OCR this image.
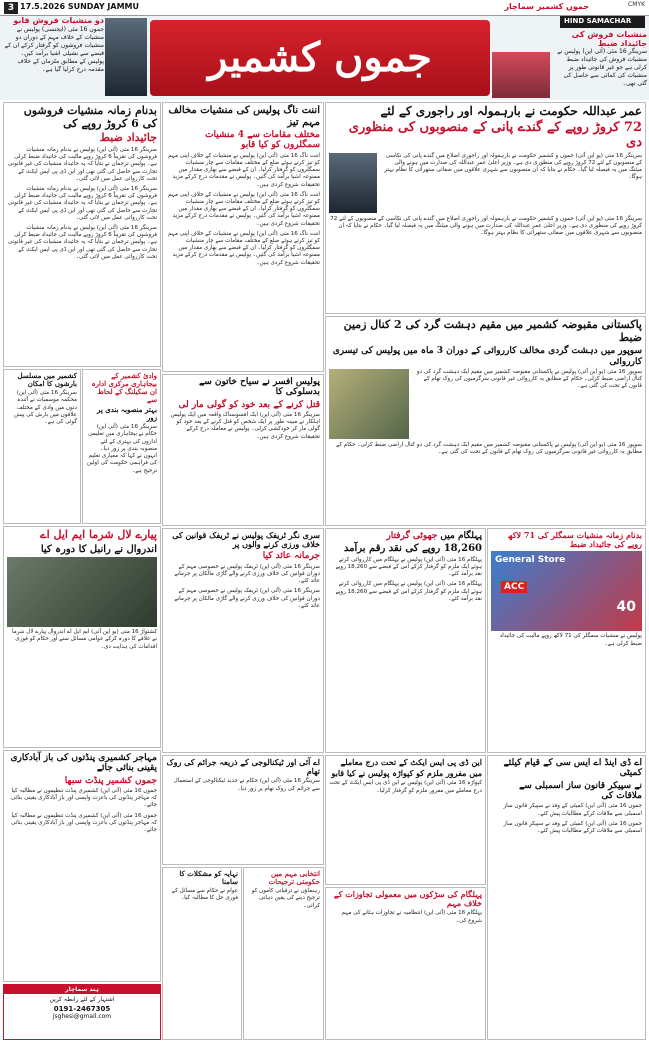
3 17.5.2026 SUNDAY JAMMU	جموں کشمیر سماچار	CMYK
HIND SAMACHAR
دو منشیات فروش قابو

جموں 16 مئی (ایجنسی) پولیس نے منشیات کے خلاف مہم کے دوران دو منشیات فروشوں کو گرفتار کرکے ان کے قبضے سے نشیلی اشیا برآمد کیں۔ پولیس کے مطابق ملزمان کے خلاف مقدمہ درج کرلیا گیا ہے۔	جموں کشمیر	منشیات فروش کی جائیداد ضبط

سرینگر 16 مئی (آئی این) پولیس نے منشیات فروش کی جائیداد ضبط کرلی ہے جو غیر قانونی طور پر منشیات کی کمائی سے حاصل کی گئی تھی۔

عمر عبداللہ حکومت نے بارہمولہ اور راجوری کے لئے
72 کروڑ روپے کے گندے پانی کے منصوبوں کی منظوری دی
سرینگر 16 مئی (یو این آئی) جموں و کشمیر حکومت نے بارہمولہ اور راجوری اضلاع میں گندے پانی کی نکاسی کے منصوبوں کے لئے 72 کروڑ روپے کی منظوری دی ہے۔ وزیر اعلیٰ عمر عبداللہ کی صدارت میں ہونے والی میٹنگ میں یہ فیصلہ لیا گیا۔ حکام نے بتایا کہ ان منصوبوں سے شہری علاقوں میں صفائی ستھرائی کا نظام بہتر ہوگا۔
سرینگر 16 مئی (یو این آئی) جموں و کشمیر حکومت نے بارہمولہ اور راجوری اضلاع میں گندے پانی کی نکاسی کے منصوبوں کے لئے 72 کروڑ روپے کی منظوری دی ہے۔ وزیر اعلیٰ عمر عبداللہ کی صدارت میں ہونے والی میٹنگ میں یہ فیصلہ لیا گیا۔ حکام نے بتایا کہ ان منصوبوں سے شہری علاقوں میں صفائی ستھرائی کا نظام بہتر ہوگا۔
اننت ناگ پولیس کی منشیات مخالف مہم تیز
مختلف مقامات سے 4 منشیات سمگلروں کو کیا قابو
اننت ناگ 16 مئی (آئی این) پولیس نے منشیات کے خلاف اپنی مہم کو تیز کرتے ہوئے ضلع کے مختلف مقامات سے چار منشیات سمگلروں کو گرفتار کرلیا۔ ان کے قبضے سے بھاری مقدار میں ممنوعہ اشیا برآمد کی گئیں۔ پولیس نے مقدمات درج کرکے مزید تحقیقات شروع کردی ہیں۔
اننت ناگ 16 مئی (آئی این) پولیس نے منشیات کے خلاف اپنی مہم کو تیز کرتے ہوئے ضلع کے مختلف مقامات سے چار منشیات سمگلروں کو گرفتار کرلیا۔ ان کے قبضے سے بھاری مقدار میں ممنوعہ اشیا برآمد کی گئیں۔ پولیس نے مقدمات درج کرکے مزید تحقیقات شروع کردی ہیں۔
اننت ناگ 16 مئی (آئی این) پولیس نے منشیات کے خلاف اپنی مہم کو تیز کرتے ہوئے ضلع کے مختلف مقامات سے چار منشیات سمگلروں کو گرفتار کرلیا۔ ان کے قبضے سے بھاری مقدار میں ممنوعہ اشیا برآمد کی گئیں۔ پولیس نے مقدمات درج کرکے مزید تحقیقات شروع کردی ہیں۔
بدنام زمانہ منشیات فروشوں کی 6 کروڑ روپے کی
جائیداد ضبط
سرینگر 16 مئی (آئی این) پولیس نے بدنام زمانہ منشیات فروشوں کی تقریباً 6 کروڑ روپے مالیت کی جائیداد ضبط کرلی ہے۔ پولیس ترجمان نے بتایا کہ یہ جائیداد منشیات کی غیر قانونی تجارت سے حاصل کی گئی تھی اور این ڈی پی ایس ایکٹ کے تحت کارروائی عمل میں لائی گئی۔
سرینگر 16 مئی (آئی این) پولیس نے بدنام زمانہ منشیات فروشوں کی تقریباً 6 کروڑ روپے مالیت کی جائیداد ضبط کرلی ہے۔ پولیس ترجمان نے بتایا کہ یہ جائیداد منشیات کی غیر قانونی تجارت سے حاصل کی گئی تھی اور این ڈی پی ایس ایکٹ کے تحت کارروائی عمل میں لائی گئی۔
سرینگر 16 مئی (آئی این) پولیس نے بدنام زمانہ منشیات فروشوں کی تقریباً 6 کروڑ روپے مالیت کی جائیداد ضبط کرلی ہے۔ پولیس ترجمان نے بتایا کہ یہ جائیداد منشیات کی غیر قانونی تجارت سے حاصل کی گئی تھی اور این ڈی پی ایس ایکٹ کے تحت کارروائی عمل میں لائی گئی۔
پاکستانی مقبوضہ کشمیر میں مقیم دہشت گرد کی 2 کنال زمین ضبط
سوپور میں دہشت گردی مخالف کارروائی کے دوران 3 ماہ میں پولیس کی تیسری کارروائی
سوپور 16 مئی (یو این آئی) پولیس نے پاکستانی مقبوضہ کشمیر میں مقیم ایک دہشت گرد کی دو کنال اراضی ضبط کرلی۔ حکام کے مطابق یہ کارروائی غیر قانونی سرگرمیوں کی روک تھام کے قانون کے تحت کی گئی ہے۔
سوپور 16 مئی (یو این آئی) پولیس نے پاکستانی مقبوضہ کشمیر میں مقیم ایک دہشت گرد کی دو کنال اراضی ضبط کرلی۔ حکام کے مطابق یہ کارروائی غیر قانونی سرگرمیوں کی روک تھام کے قانون کے تحت کی گئی ہے۔
پولیس افسر نے سیاح خاتون سے بدسلوکی کا
قتل کرنے کے بعد خود کو گولی مار لی
سرینگر 16 مئی (آئی این) ایک افسوسناک واقعہ میں ایک پولیس اہلکار نے مبینہ طور پر ایک شخص کو قتل کرنے کے بعد خود کو گولی مار کر خودکشی کرلی۔ پولیس نے معاملہ درج کرکے تحقیقات شروع کردی ہیں۔
کشمیر میں مسلسل بارشوں کا امکان
سرینگر 16 مئی (آئی این) محکمہ موسمیات نے آئندہ دنوں میں وادی کے مختلف علاقوں میں بارش کی پیش گوئی کی ہے۔
وادیٔ کشمیر کے بیجاہاری مرکزی ادارہ ان سکیلنگ کے لحاظ سے
بہتر منصوبہ بندی پر زور
سرینگر 16 مئی (آئی این) حکام نے بیجاہاری میں تعلیمی اداروں کی بہتری کے لئے منصوبہ بندی پر زور دیا۔ انہوں نے کہا کہ معیاری تعلیم کی فراہمی حکومت کی اولین ترجیح ہے۔
بدنام زمانہ منشیات سمگلر کی 71 لاکھ روپے کی جائیداد ضبط
General Store
ACC
40
پولیس نے منشیات سمگلر کی 71 لاکھ روپے مالیت کی جائیداد ضبط کرلی ہے۔
پہلگام میں جھوٹی گرفتار
18,260 روپے کی نقد رقم برآمد
پہلگام 16 مئی (آئی این) پولیس نے پہلگام میں کارروائی کرتے ہوئے ایک ملزم کو گرفتار کرکے اس کے قبضے سے 18,260 روپے نقد برآمد کئے۔
پہلگام 16 مئی (آئی این) پولیس نے پہلگام میں کارروائی کرتے ہوئے ایک ملزم کو گرفتار کرکے اس کے قبضے سے 18,260 روپے نقد برآمد کئے۔
سری نگر ٹریفک پولیس نے ٹریفک قوانین کی خلاف ورزی کرنے والوں پر
جرمانہ عائد کیا
سرینگر 16 مئی (آئی این) ٹریفک پولیس نے خصوصی مہم کے دوران قوانین کی خلاف ورزی کرنے والے گاڑی مالکان پر جرمانے عائد کئے۔
سرینگر 16 مئی (آئی این) ٹریفک پولیس نے خصوصی مہم کے دوران قوانین کی خلاف ورزی کرنے والے گاڑی مالکان پر جرمانے عائد کئے۔
پیارے لال شرما ایم ایل اے
اندروال نے رانبل کا دورہ کیا
کشتواڑ 16 مئی (یو این آئی) ایم ایل اے اندروال پیارے لال شرما نے علاقے کا دورہ کرکے عوامی مسائل سنے اور حکام کو فوری اقدامات کی ہدایت دی۔
اے ڈی اینڈ اے ایس سی کے قیام کیلئے کمیٹی
نے سپیکر قانون ساز اسمبلی سے ملاقات کی
جموں 16 مئی (آئی این) کمیٹی کے وفد نے سپیکر قانون ساز اسمبلی سے ملاقات کرکے مطالبات پیش کئے۔
جموں 16 مئی (آئی این) کمیٹی کے وفد نے سپیکر قانون ساز اسمبلی سے ملاقات کرکے مطالبات پیش کئے۔
این ڈی پی ایس ایکٹ کے تحت درج معاملے
میں مفرور ملزم کو کپواڑہ پولیس نے کیا قابو
کپواڑہ 16 مئی (آئی این) پولیس نے این ڈی پی ایس ایکٹ کے تحت درج معاملے میں مفرور ملزم کو گرفتار کرلیا۔
پہلگام کی سڑکوں میں معمولی تجاوزات کے خلاف مہم
پہلگام 16 مئی (آئی این) انتظامیہ نے تجاوزات ہٹانے کی مہم شروع کی۔
اے آئی اور ٹیکنالوجی کے ذریعہ جرائم کی روک تھام
سرینگر 16 مئی (آئی این) حکام نے جدید ٹیکنالوجی کے استعمال سے جرائم کی روک تھام پر زور دیا۔
نہایہ کو مشکلات کا سامنا
عوام نے حکام سے مسائل کے فوری حل کا مطالبہ کیا۔
انتخابی مہم میں حکومتی ترجیحات
رہنماؤں نے ترقیاتی کاموں کو ترجیح دینے کی یقین دہانی کرائی۔
مہاجر کشمیری پنڈتوں کی باز آبادکاری یقینی بنائی جائے
جموں کشمیر پنڈت سبھا
جموں 16 مئی (آئی این) کشمیری پنڈت تنظیموں نے مطالبہ کیا کہ مہاجر پنڈتوں کی باعزت واپسی اور باز آبادکاری یقینی بنائی جائے۔
جموں 16 مئی (آئی این) کشمیری پنڈت تنظیموں نے مطالبہ کیا کہ مہاجر پنڈتوں کی باعزت واپسی اور باز آبادکاری یقینی بنائی جائے۔
ہند سماچار
اشتہار کے لئے رابطہ کریں
0191-2467305
jsghesi@gmail.com
